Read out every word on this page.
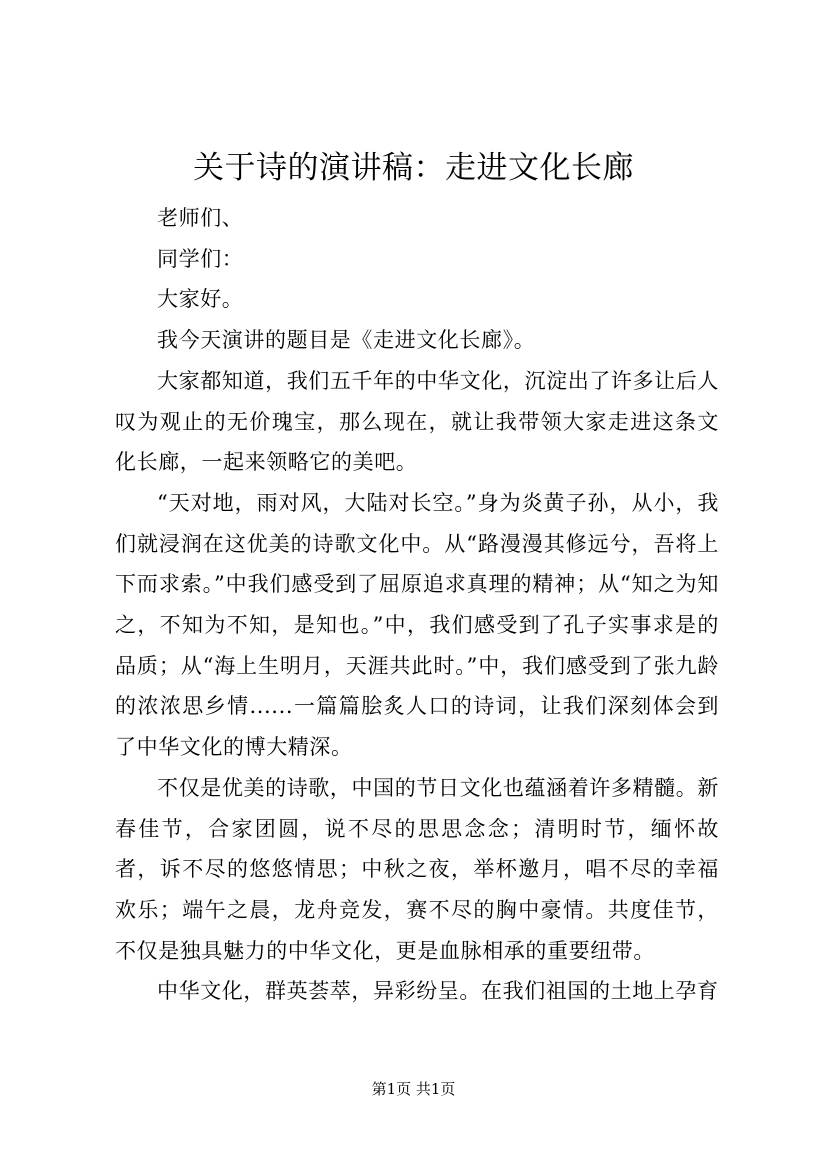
关于诗的演讲稿：走进文化长廊

老师们、

同学们：

大家好。

我今天演讲的题目是《走进文化长廊》。

大家都知道，我们五千年的中华文化，沉淀出了许多让后人叹为观止的无价瑰宝，那么现在，就让我带领大家走进这条文化长廊，一起来领略它的美吧。

“天对地，雨对风，大陆对长空。”身为炎黄子孙，从小，我们就浸润在这优美的诗歌文化中。从“路漫漫其修远兮，吾将上下而求索。”中我们感受到了屈原追求真理的精神；从“知之为知之，不知为不知，是知也。”中，我们感受到了孔子实事求是的品质；从“海上生明月，天涯共此时。”中，我们感受到了张九龄的浓浓思乡情......一篇篇脍炙人口的诗词，让我们深刻体会到了中华文化的博大精深。

不仅是优美的诗歌，中国的节日文化也蕴涵着许多精髓。新春佳节，合家团圆，说不尽的思思念念；清明时节，缅怀故者，诉不尽的悠悠情思；中秋之夜，举杯邀月，唱不尽的幸福欢乐；端午之晨，龙舟竞发，赛不尽的胸中豪情。共度佳节，不仅是独具魅力的中华文化，更是血脉相承的重要纽带。

中华文化，群英荟萃，异彩纷呈。在我们祖国的土地上孕育

第1页 共1页
